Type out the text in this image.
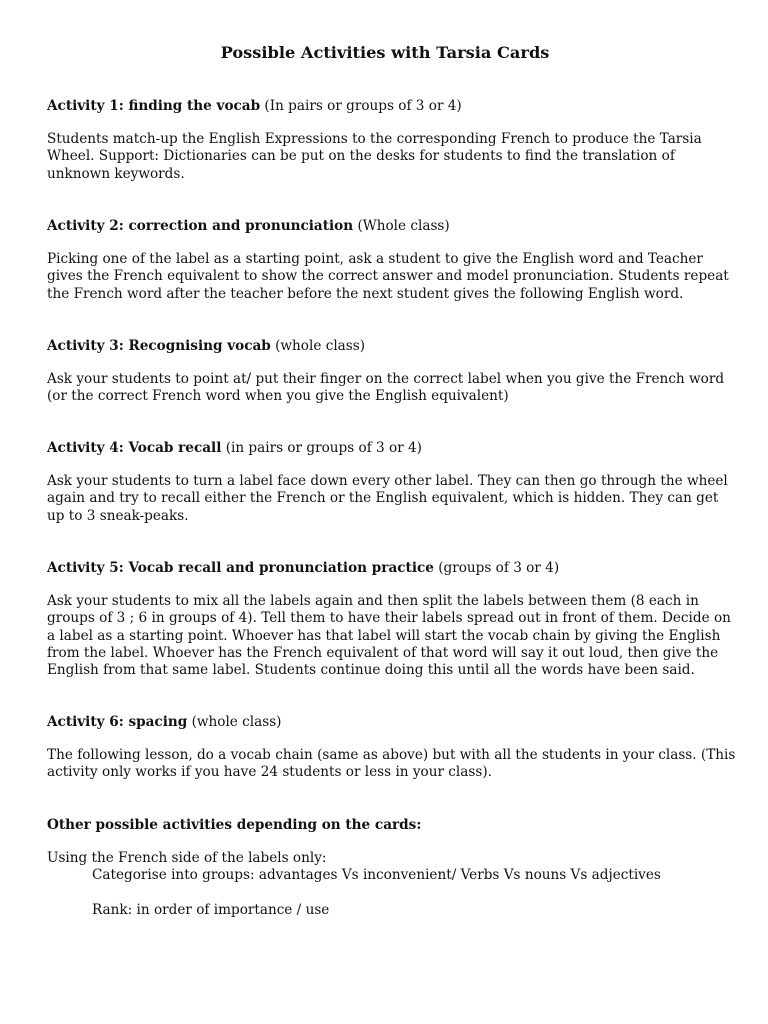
Possible Activities with Tarsia Cards

Activity 1: finding the vocab (In pairs or groups of 3 or 4)

Students match-up the English Expressions to the corresponding French to produce the Tarsia Wheel. Support: Dictionaries can be put on the desks for students to find the translation of unknown keywords.

Activity 2: correction and pronunciation (Whole class)

Picking one of the label as a starting point, ask a student to give the English word and Teacher gives the French equivalent to show the correct answer and model pronunciation. Students repeat the French word after the teacher before the next student gives the following English word.

Activity 3: Recognising vocab (whole class)

Ask your students to point at/ put their finger on the correct label when you give the French word (or the correct French word when you give the English equivalent)

Activity 4: Vocab recall (in pairs or groups of 3 or 4)

Ask your students to turn a label face down every other label. They can then go through the wheel again and try to recall either the French or the English equivalent, which is hidden. They can get up to 3 sneak-peaks.

Activity 5: Vocab recall and pronunciation practice (groups of 3 or 4)

Ask your students to mix all the labels again and then split the labels between them (8 each in groups of 3 ; 6 in groups of 4). Tell them to have their labels spread out in front of them. Decide on a label as a starting point. Whoever has that label will start the vocab chain by giving the English from the label. Whoever has the French equivalent of that word will say it out loud, then give the English from that same label. Students continue doing this until all the words have been said.

Activity 6: spacing (whole class)

The following lesson, do a vocab chain (same as above) but with all the students in your class. (This activity only works if you have 24 students or less in your class).

Other possible activities depending on the cards:

Using the French side of the labels only:

Categorise into groups: advantages Vs inconvenient/ Verbs Vs nouns Vs adjectives

Rank: in order of importance / use
